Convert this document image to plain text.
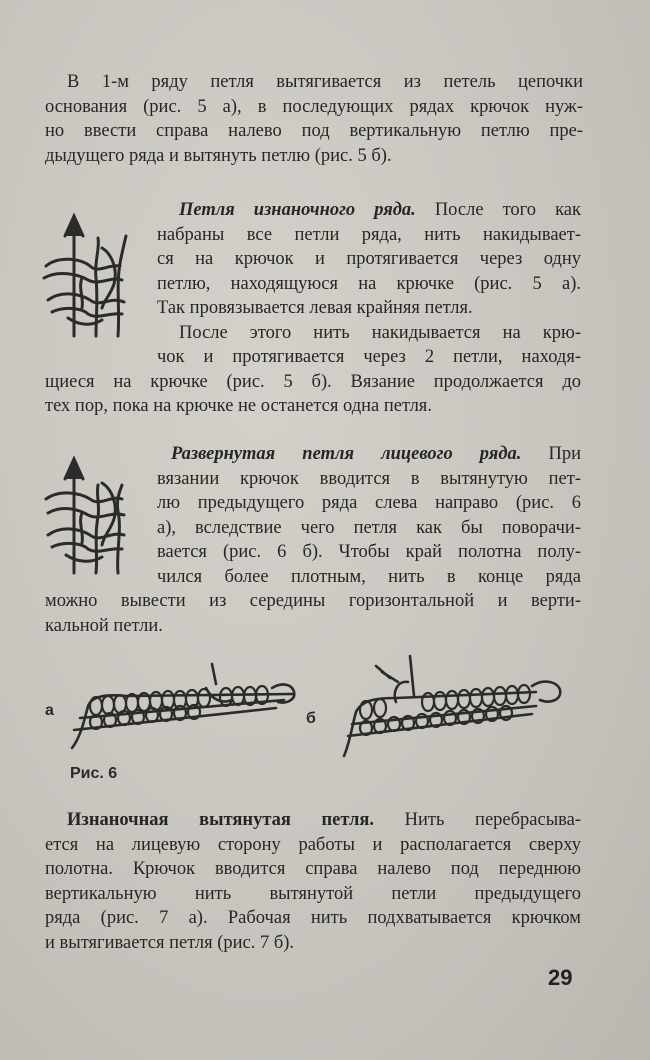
В 1-м ряду петля вытягивается из петель цепочки
основания (рис. 5 а), в последующих рядах крючок нуж-
но ввести справа налево под вертикальную петлю пре-
дыдущего ряда и вытянуть петлю (рис. 5 б).
Петля изнаночного ряда. После того как
набраны все петли ряда, нить накидывает-
ся на крючок и протягивается через одну
петлю, находящуюся на крючке (рис. 5 а).
Так провязывается левая крайняя петля.
После этого нить накидывается на крю-
чок и протягивается через 2 петли, находя-
щиеся на крючке (рис. 5 б). Вязание продолжается до
тех пор, пока на крючке не останется одна петля.
Развернутая петля лицевого ряда. При
вязании крючок вводится в вытянутую пет-
лю предыдущего ряда слева направо (рис. 6
а), вследствие чего петля как бы поворачи-
вается (рис. 6 б). Чтобы край полотна полу-
чился более плотным, нить в конце ряда
можно вывести из середины горизонтальной и верти-
кальной петли.
а	б
Рис. 6
Изнаночная вытянутая петля. Нить перебрасыва-
ется на лицевую сторону работы и располагается сверху
полотна. Крючок вводится справа налево под переднюю
вертикальную нить вытянутой петли предыдущего
ряда (рис. 7 а). Рабочая нить подхватывается крючком
и вытягивается петля (рис. 7 б).
29
